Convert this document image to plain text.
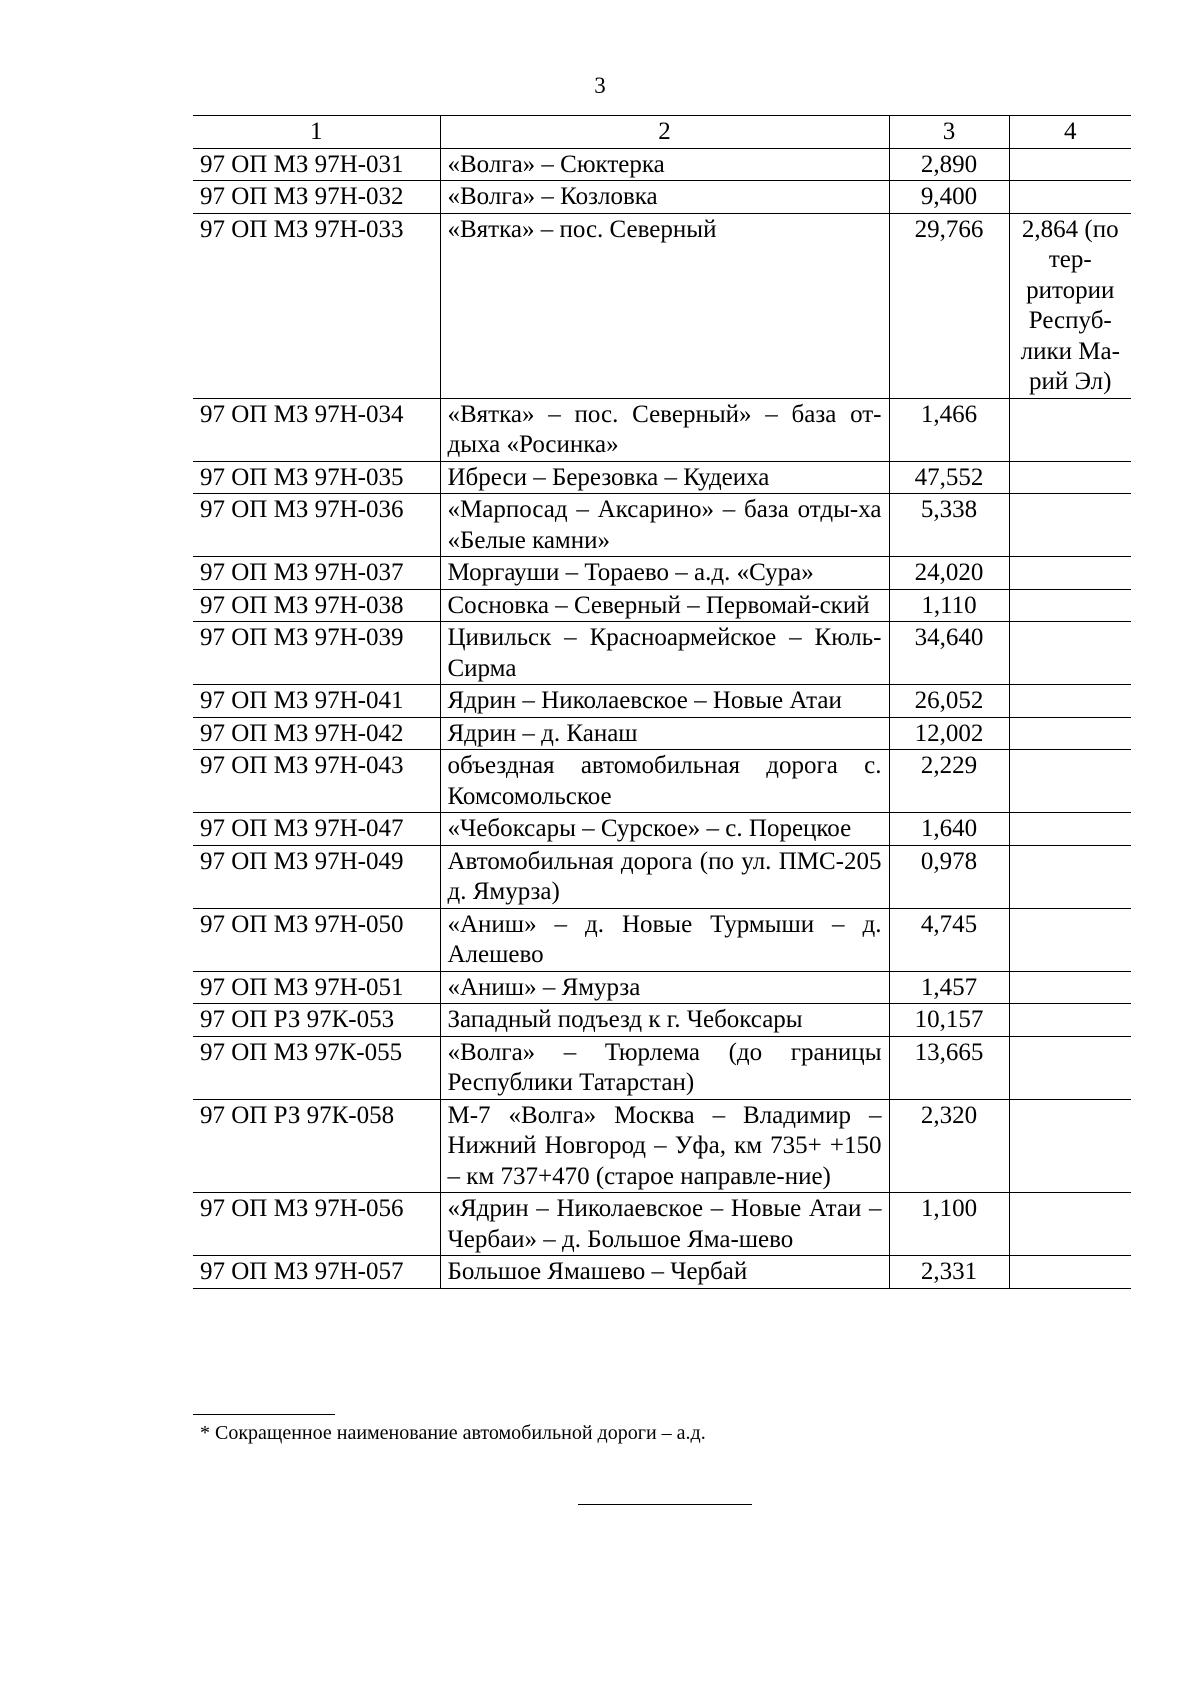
3
1	2	3	4
97 ОП МЗ 97Н-031	«Волга» – Сюктерка	2,890	
97 ОП МЗ 97Н-032	«Волга» – Козловка	9,400	
97 ОП МЗ 97Н-033	«Вятка» – пос. Северный	29,766	2,864 (по тер-ритории Респуб-лики Ма-рий Эл)
97 ОП МЗ 97Н-034	«Вятка» – пос. Северный» – база от-дыха «Росинка»	1,466	
97 ОП МЗ 97Н-035	Ибреси – Березовка – Кудеиха	47,552	
97 ОП МЗ 97Н-036	«Марпосад – Аксарино» – база отды-ха «Белые камни»	5,338	
97 ОП МЗ 97Н-037	Моргауши – Тораево – а.д. «Сура»	24,020	
97 ОП МЗ 97Н-038	Сосновка – Северный – Первомай-ский	1,110	
97 ОП МЗ 97Н-039	Цивильск – Красноармейское – Кюль-Сирма	34,640	
97 ОП МЗ 97Н-041	Ядрин – Николаевское – Новые Атаи	26,052	
97 ОП МЗ 97Н-042	Ядрин – д. Канаш	12,002	
97 ОП МЗ 97Н-043	объездная автомобильная дорога с. Комсомольское	2,229	
97 ОП МЗ 97Н-047	«Чебоксары – Сурское» – с. Порецкое	1,640	
97 ОП МЗ 97Н-049	Автомобильная дорога (по ул. ПМС-205 д. Ямурза)	0,978	
97 ОП МЗ 97Н-050	«Аниш» – д. Новые Турмыши – д. Алешево	4,745	
97 ОП МЗ 97Н-051	«Аниш» – Ямурза	1,457	
97 ОП РЗ 97К-053	Западный подъезд к г. Чебоксары	10,157	
97 ОП МЗ 97К-055	«Волга» – Тюрлема (до границы Республики Татарстан)	13,665	
97 ОП РЗ 97К-058	М-7 «Волга» Москва – Владимир – Нижний Новгород – Уфа, км 735+ +150 – км 737+470 (старое направле-ние)	2,320	
97 ОП МЗ 97Н-056	«Ядрин – Николаевское – Новые Атаи – Чербаи» – д. Большое Яма-шево	1,100	
97 ОП МЗ 97Н-057	Большое Ямашево – Чербай	2,331	
* Сокращенное наименование автомобильной дороги – а.д.
